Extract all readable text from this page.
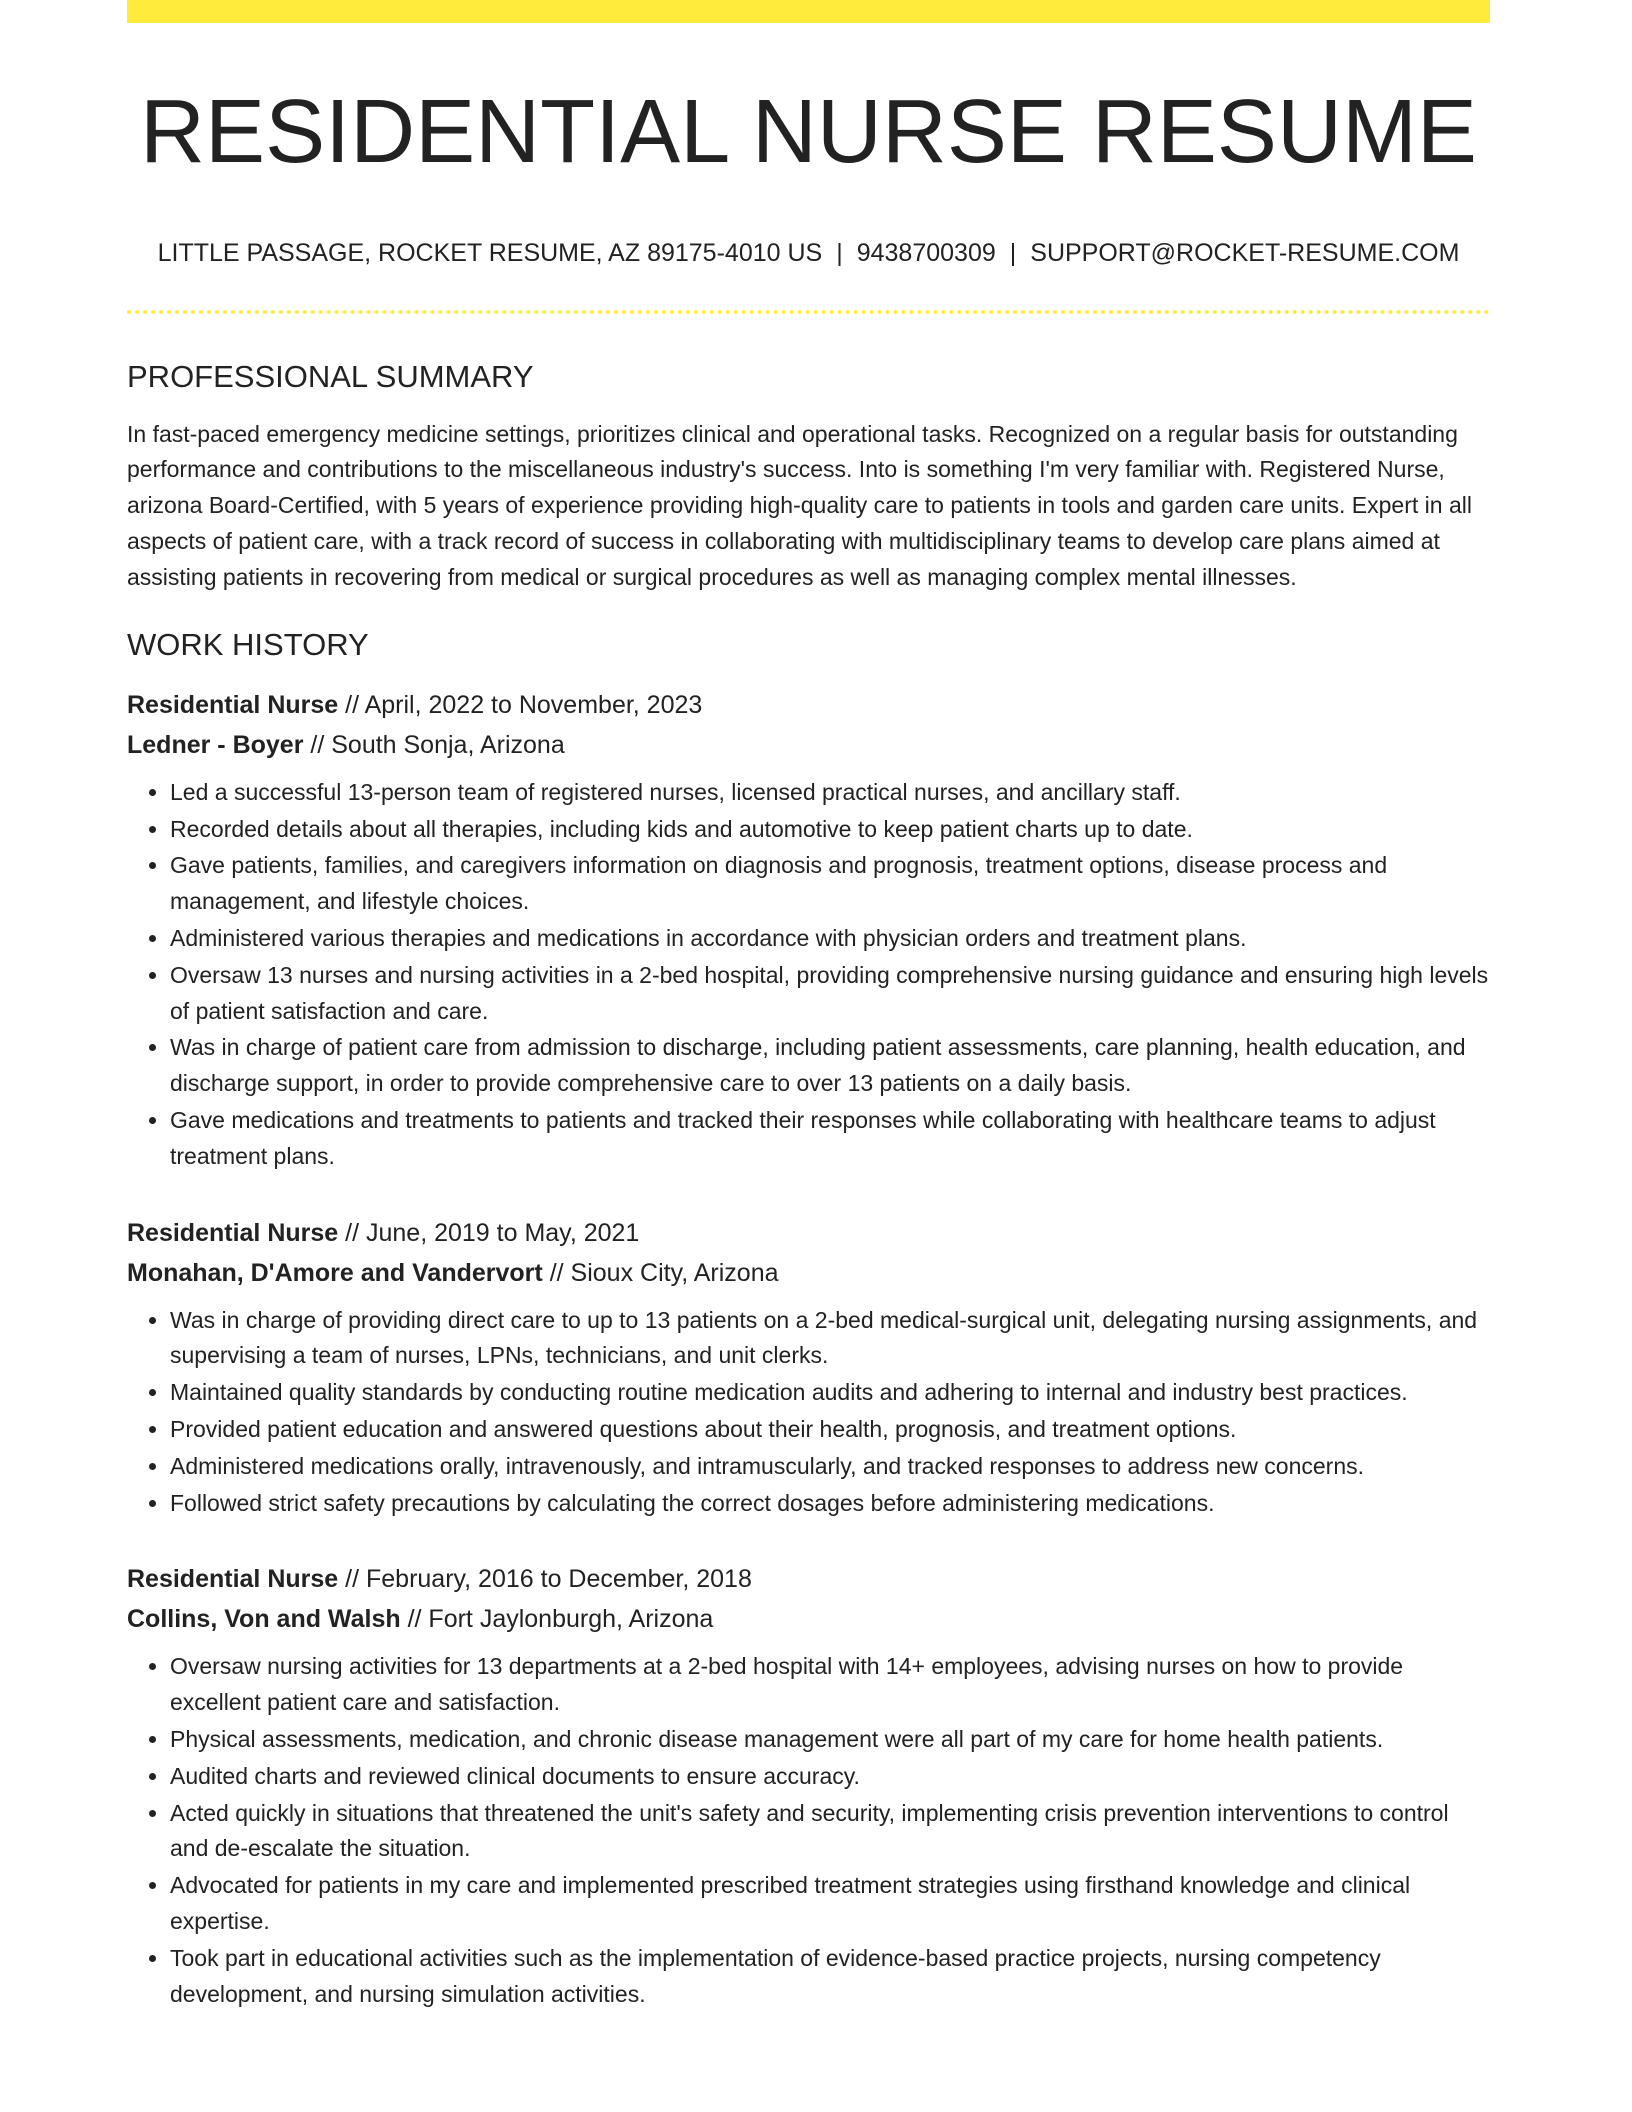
RESIDENTIAL NURSE RESUME
LITTLE PASSAGE, ROCKET RESUME, AZ 89175-4010 US | 9438700309 | SUPPORT@ROCKET-RESUME.COM
PROFESSIONAL SUMMARY
In fast-paced emergency medicine settings, prioritizes clinical and operational tasks. Recognized on a regular basis for outstanding performance and contributions to the miscellaneous industry's success. Into is something I'm very familiar with. Registered Nurse, arizona Board-Certified, with 5 years of experience providing high-quality care to patients in tools and garden care units. Expert in all aspects of patient care, with a track record of success in collaborating with multidisciplinary teams to develop care plans aimed at assisting patients in recovering from medical or surgical procedures as well as managing complex mental illnesses.
WORK HISTORY
Residential Nurse // April, 2022 to November, 2023
Ledner - Boyer // South Sonja, Arizona
• Led a successful 13-person team of registered nurses, licensed practical nurses, and ancillary staff.
• Recorded details about all therapies, including kids and automotive to keep patient charts up to date.
• Gave patients, families, and caregivers information on diagnosis and prognosis, treatment options, disease process and management, and lifestyle choices.
• Administered various therapies and medications in accordance with physician orders and treatment plans.
• Oversaw 13 nurses and nursing activities in a 2-bed hospital, providing comprehensive nursing guidance and ensuring high levels of patient satisfaction and care.
• Was in charge of patient care from admission to discharge, including patient assessments, care planning, health education, and discharge support, in order to provide comprehensive care to over 13 patients on a daily basis.
• Gave medications and treatments to patients and tracked their responses while collaborating with healthcare teams to adjust treatment plans.
Residential Nurse // June, 2019 to May, 2021
Monahan, D'Amore and Vandervort // Sioux City, Arizona
• Was in charge of providing direct care to up to 13 patients on a 2-bed medical-surgical unit, delegating nursing assignments, and supervising a team of nurses, LPNs, technicians, and unit clerks.
• Maintained quality standards by conducting routine medication audits and adhering to internal and industry best practices.
• Provided patient education and answered questions about their health, prognosis, and treatment options.
• Administered medications orally, intravenously, and intramuscularly, and tracked responses to address new concerns.
• Followed strict safety precautions by calculating the correct dosages before administering medications.
Residential Nurse // February, 2016 to December, 2018
Collins, Von and Walsh // Fort Jaylonburgh, Arizona
• Oversaw nursing activities for 13 departments at a 2-bed hospital with 14+ employees, advising nurses on how to provide excellent patient care and satisfaction.
• Physical assessments, medication, and chronic disease management were all part of my care for home health patients.
• Audited charts and reviewed clinical documents to ensure accuracy.
• Acted quickly in situations that threatened the unit's safety and security, implementing crisis prevention interventions to control and de-escalate the situation.
• Advocated for patients in my care and implemented prescribed treatment strategies using firsthand knowledge and clinical expertise.
• Took part in educational activities such as the implementation of evidence-based practice projects, nursing competency development, and nursing simulation activities.
